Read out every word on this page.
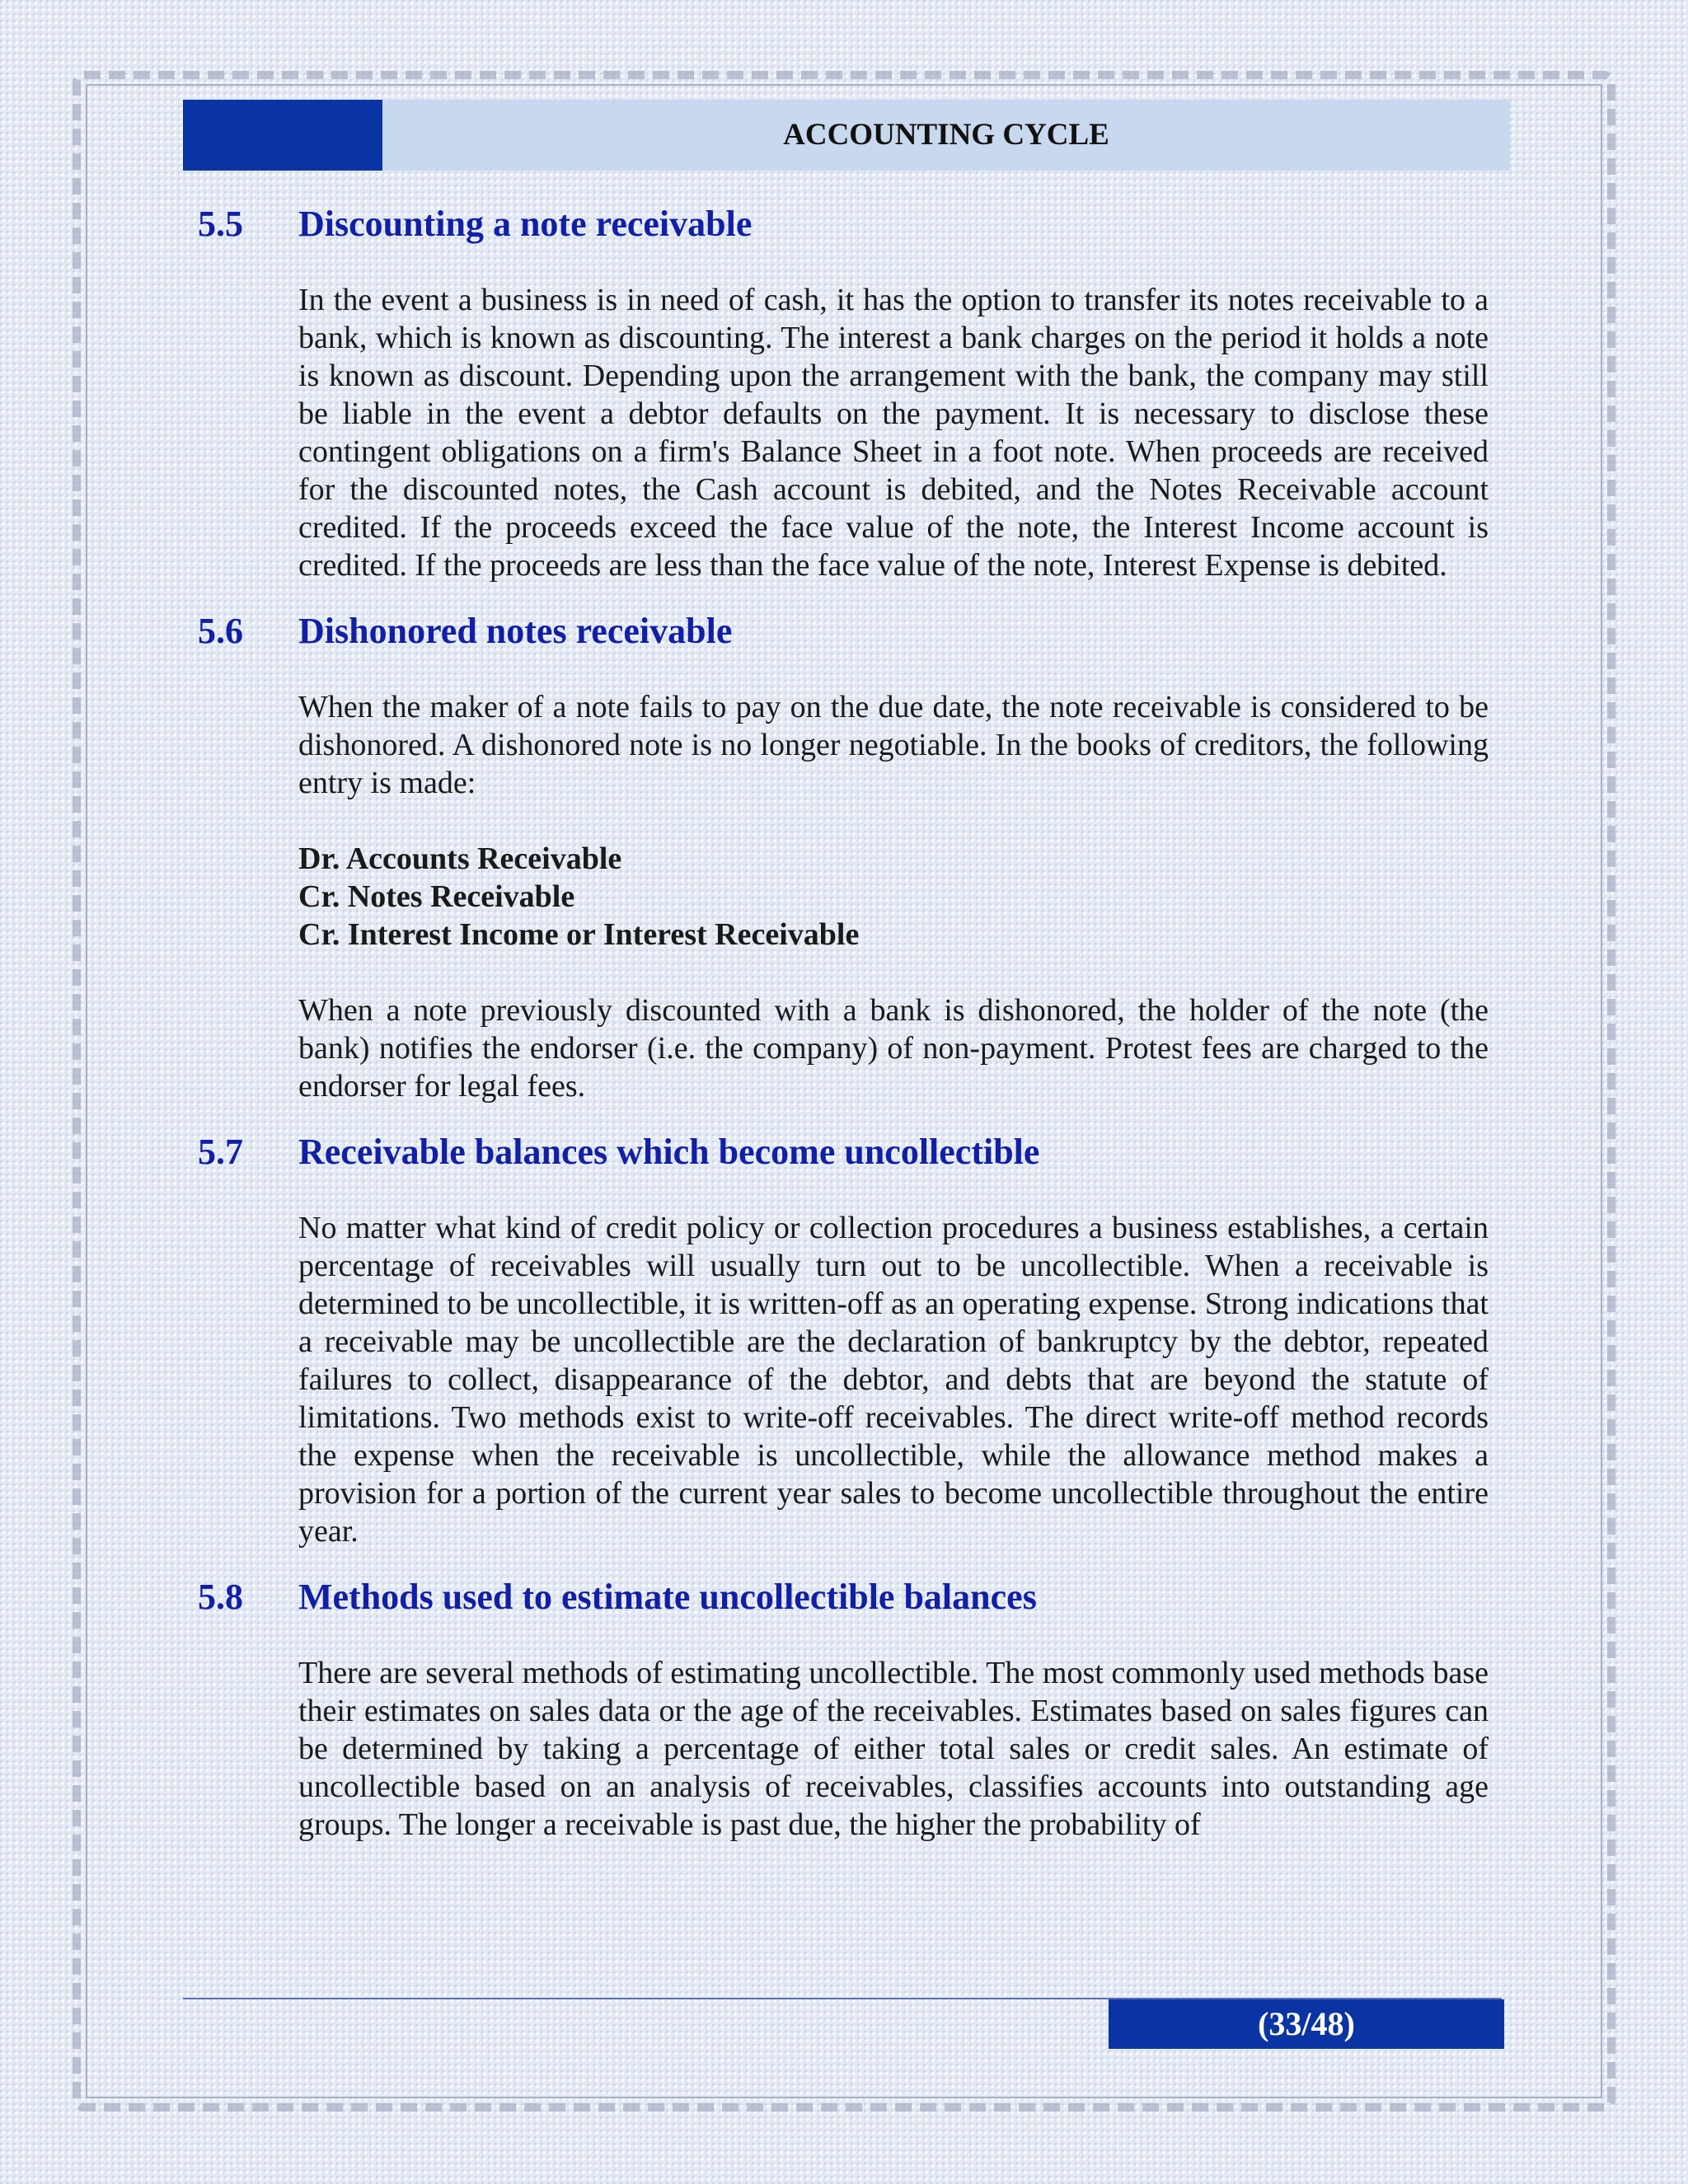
ACCOUNTING CYCLE
5.5	Discounting a note receivable

In the event a business is in need of cash, it has the option to transfer its notes receivable to a bank, which is known as discounting. The interest a bank charges on the period it holds a note is known as discount. Depending upon the arrangement with the bank, the company may still be liable in the event a debtor defaults on the payment. It is necessary to disclose these contingent obligations on a firm's Balance Sheet in a foot note. When proceeds are received for the discounted notes, the Cash account is debited, and the Notes Receivable account credited. If the proceeds exceed the face value of the note, the Interest Income account is credited. If the proceeds are less than the face value of the note, Interest Expense is debited.

5.6	Dishonored notes receivable

When the maker of a note fails to pay on the due date, the note receivable is considered to be dishonored. A dishonored note is no longer negotiable. In the books of creditors, the following entry is made:

Dr. Accounts Receivable
Cr. Notes Receivable
Cr. Interest Income or Interest Receivable

When a note previously discounted with a bank is dishonored, the holder of the note (the bank) notifies the endorser (i.e. the company) of non-payment. Protest fees are charged to the endorser for legal fees.

5.7	Receivable balances which become uncollectible

No matter what kind of credit policy or collection procedures a business establishes, a certain percentage of receivables will usually turn out to be uncollectible. When a receivable is determined to be uncollectible, it is written-off as an operating expense. Strong indications that a receivable may be uncollectible are the declaration of bankruptcy by the debtor, repeated failures to collect, disappearance of the debtor, and debts that are beyond the statute of limitations. Two methods exist to write-off receivables. The direct write-off method records the expense when the receivable is uncollectible, while the allowance method makes a provision for a portion of the current year sales to become uncollectible throughout the entire year.

5.8	Methods used to estimate uncollectible balances

There are several methods of estimating uncollectible. The most commonly used methods base their estimates on sales data or the age of the receivables. Estimates based on sales figures can be determined by taking a percentage of either total sales or credit sales. An estimate of uncollectible based on an analysis of receivables, classifies accounts into outstanding age groups. The longer a receivable is past due, the higher the probability of

(33/48)
